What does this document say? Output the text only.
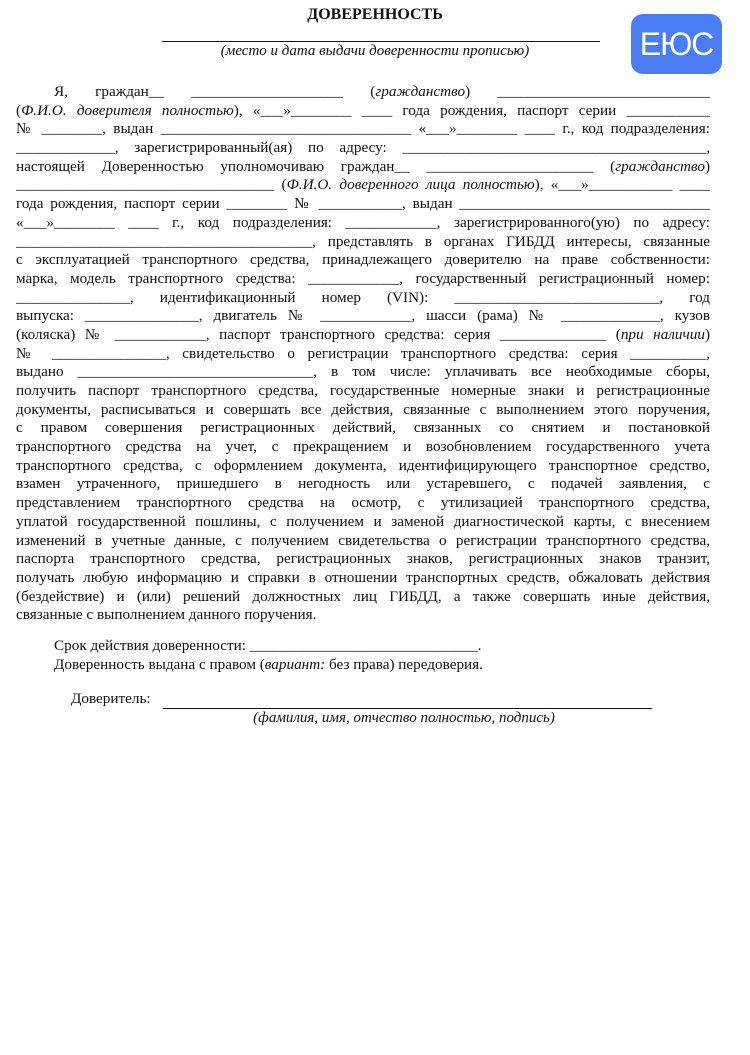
ЕЮС
ДОВЕРЕННОСТЬ
(место и дата выдачи доверенности прописью)
Я, граждан__ ____________________ (гражданство) ____________________________
(Ф.И.О. доверителя полностью), «___»________ ____ года рождения, паспорт серии ___________
№ ________, выдан _________________________________ «___»________ ____ г., код подразделения:
_____________, зарегистрированный(ая) по адресу: ________________________________________,
настоящей Доверенностью уполномочиваю граждан__ ______________________ (гражданство)
__________________________________ (Ф.И.О. доверенного лица полностью), «___»___________ ____
года рождения, паспорт серии ________ № ___________, выдан _________________________________
«___»________ ____ г., код подразделения: ____________, зарегистрированного(ую) по адресу:
_______________________________________, представлять в органах ГИБДД интересы, связанные
с эксплуатацией транспортного средства, принадлежащего доверителю на праве собственности:
марка, модель транспортного средства: ____________, государственный регистрационный номер:
_______________, идентификационный номер (VIN): ___________________________, год
выпуска: _______________, двигатель № ____________, шасси (рама) № _____________, кузов
(коляска) № ____________, паспорт транспортного средства: серия ______________ (при наличии)
№ _______________, свидетельство о регистрации транспортного средства: серия __________,
выдано _______________________________, в том числе: уплачивать все необходимые сборы,
получить паспорт транспортного средства, государственные номерные знаки и регистрационные
документы, расписываться и совершать все действия, связанные с выполнением этого поручения,
с правом совершения регистрационных действий, связанных со снятием и постановкой
транспортного средства на учет, с прекращением и возобновлением государственного учета
транспортного средства, с оформлением документа, идентифицирующего транспортное средство,
взамен утраченного, пришедшего в негодность или устаревшего, с подачей заявления, с
представлением транспортного средства на осмотр, с утилизацией транспортного средства,
уплатой государственной пошлины, с получением и заменой диагностической карты, с внесением
изменений в учетные данные, с получением свидетельства о регистрации транспортного средства,
паспорта транспортного средства, регистрационных знаков, регистрационных знаков транзит,
получать любую информацию и справки в отношении транспортных средств, обжаловать действия
(бездействие) и (или) решений должностных лиц ГИБДД, а также совершать иные действия,
связанные с выполнением данного поручения.
Срок действия доверенности: ______________________________.
Доверенность выдана с правом (вариант: без права) передоверия.
Доверитель:
(фамилия, имя, отчество полностью, подпись)
